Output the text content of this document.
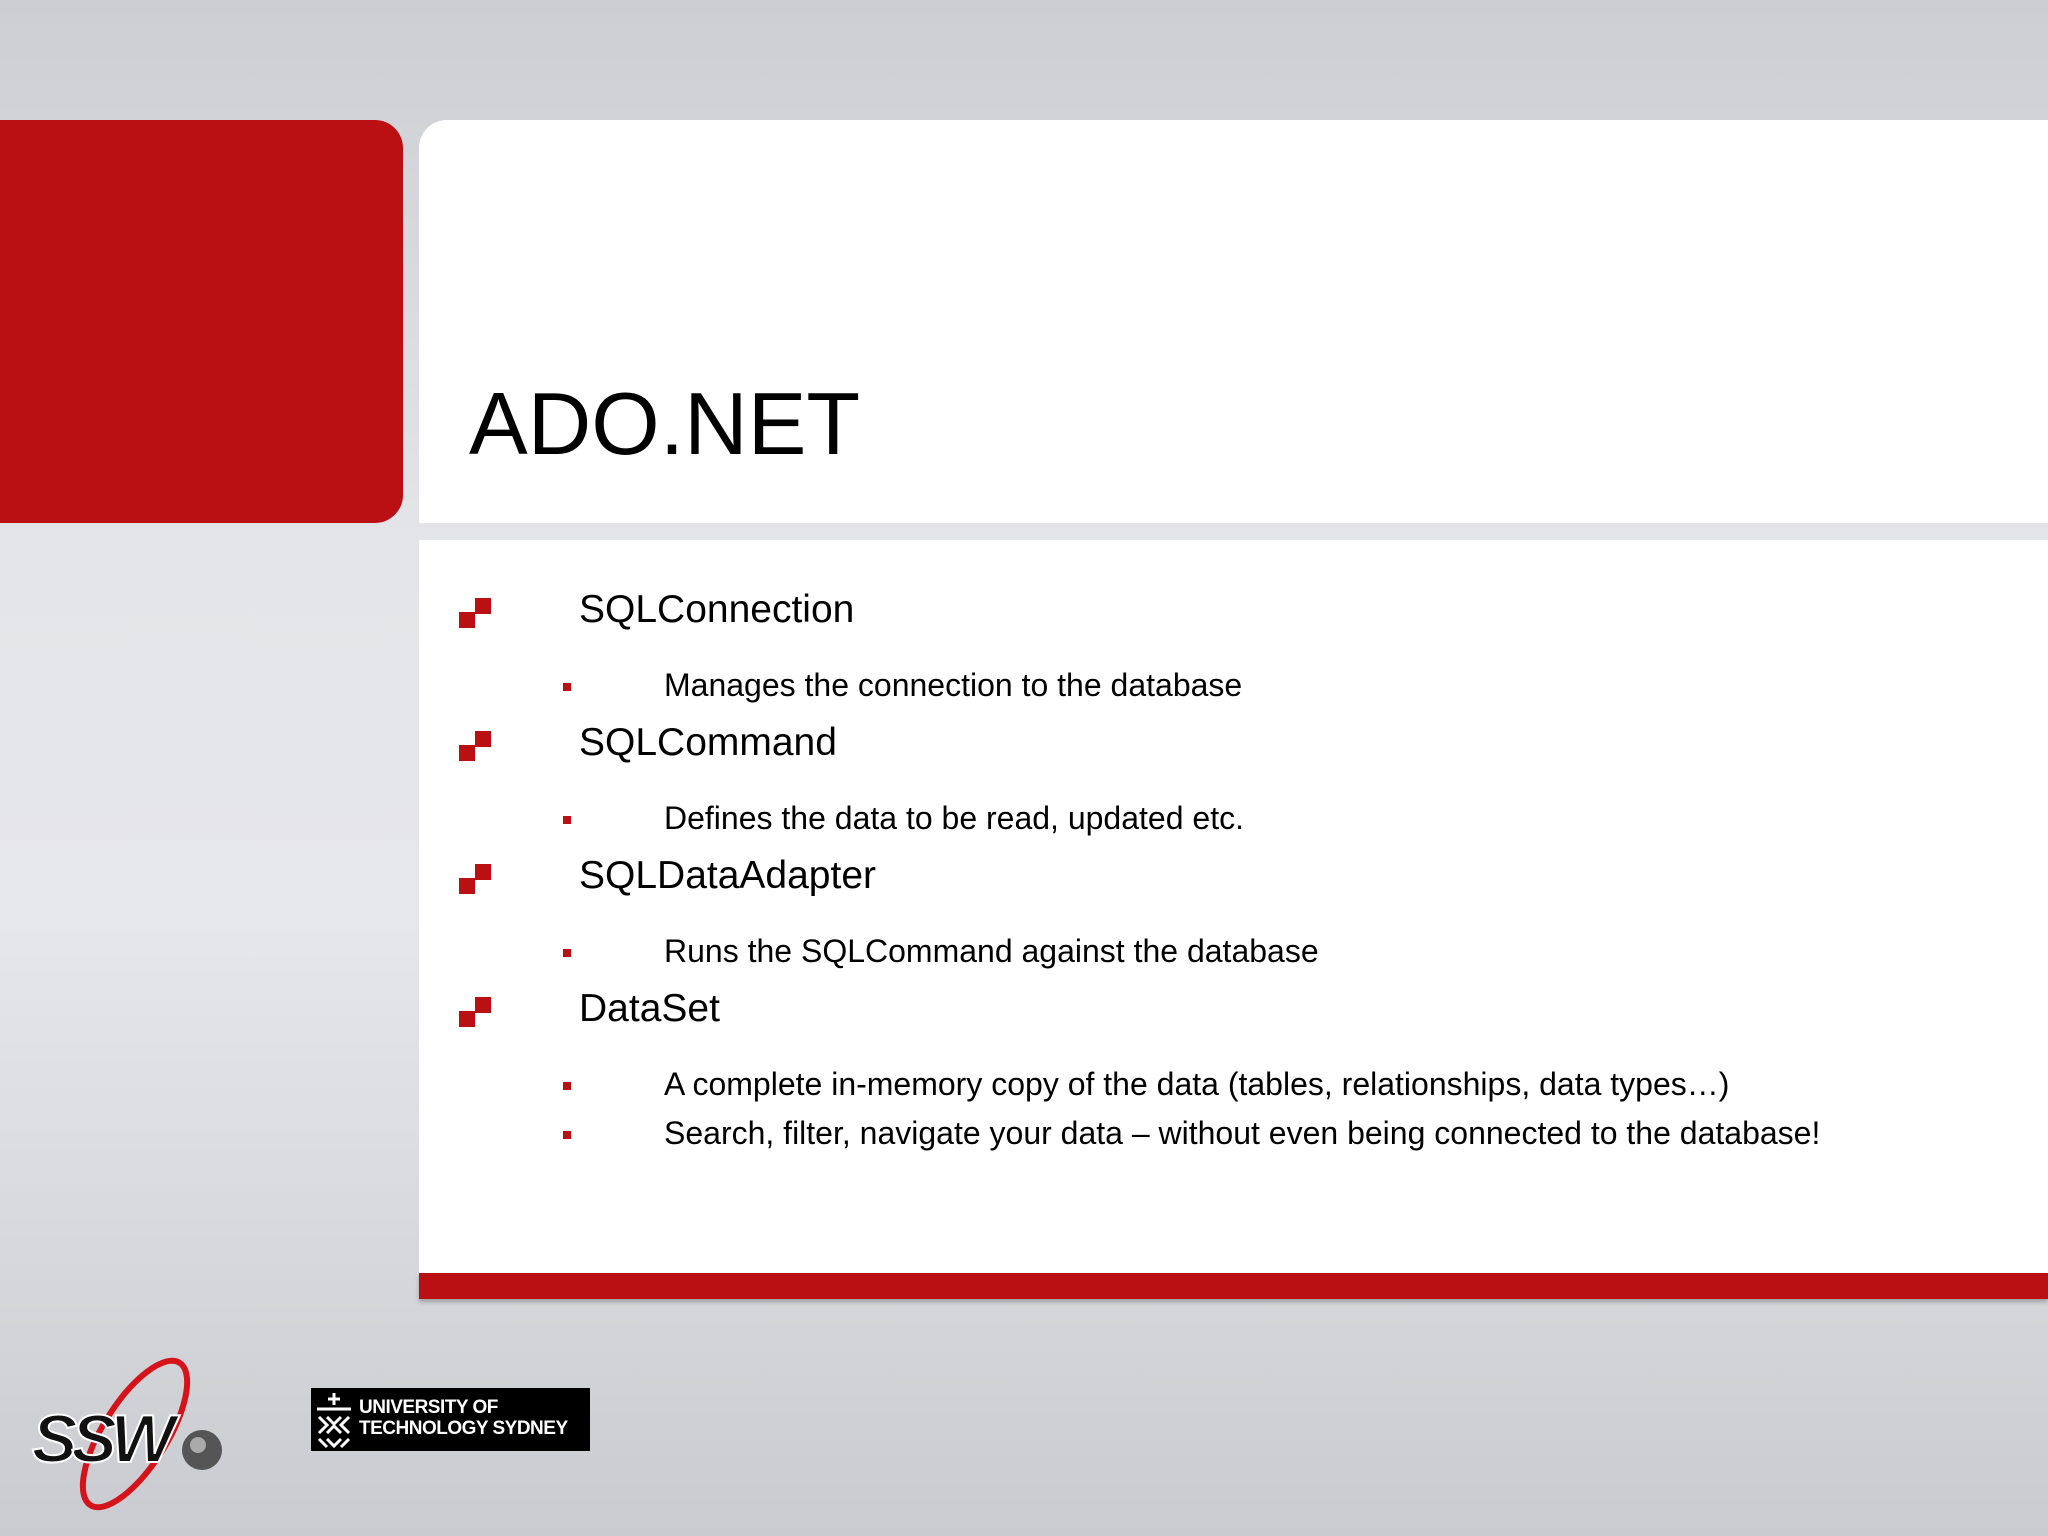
ADO.NET
SQLConnection
Manages the connection to the database
SQLCommand
Defines the data to be read, updated etc.
SQLDataAdapter
Runs the SQLCommand against the database
DataSet
A complete in-memory copy of the data (tables, relationships, data types…)
Search, filter, navigate your data – without even being connected to the database!
SSW	UNIVERSITY OF
TECHNOLOGY SYDNEY
